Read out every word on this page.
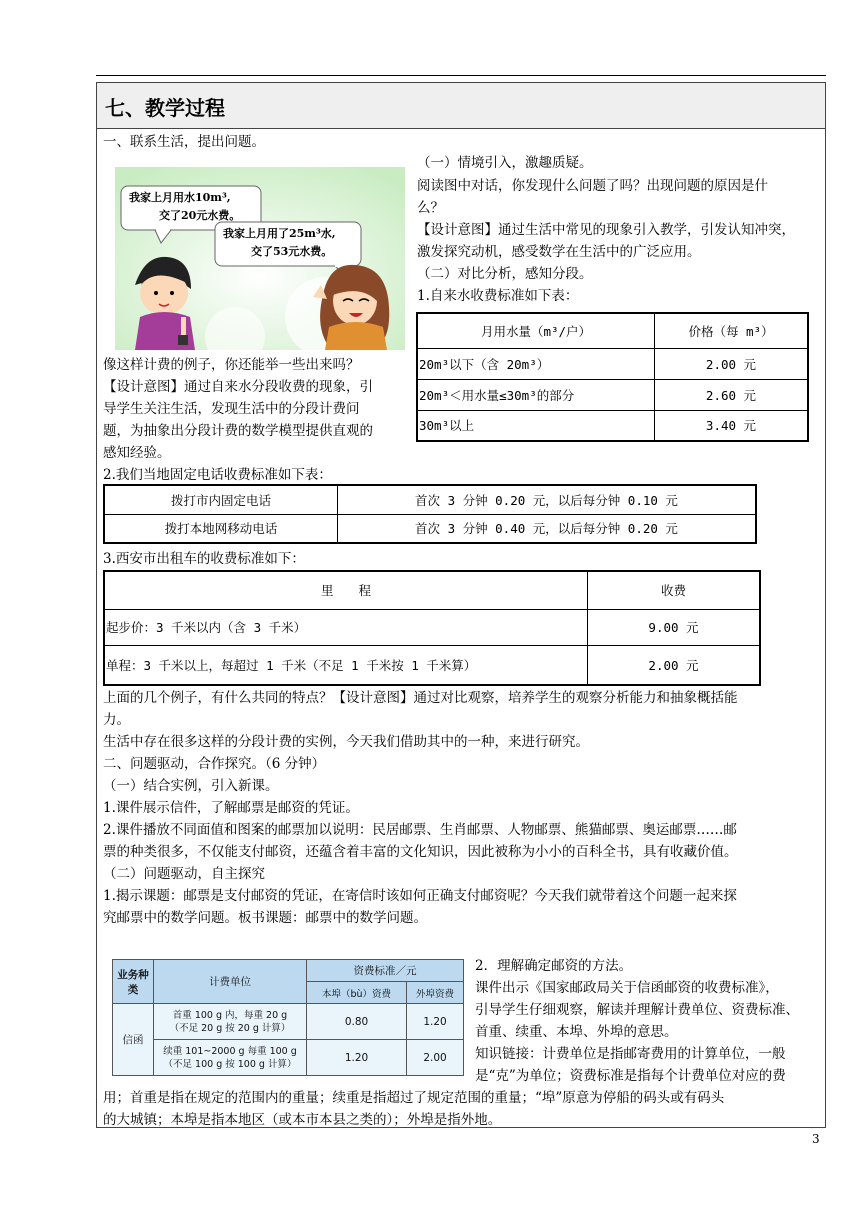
七、教学过程
一、联系生活，提出问题。
我家上月用水10m³,
交了20元水费。
我家上月用了25m³水,
交了53元水费。
（一）情境引入，激趣质疑。
阅读图中对话，你发现什么问题了吗？出现问题的原因是什
么？
【设计意图】通过生活中常见的现象引入教学，引发认知冲突，
激发探究动机，感受数学在生活中的广泛应用。
（二）对比分析，感知分段。
1.自来水收费标准如下表：
月用水量（m³/户）	价格（每 m³）
20m³以下（含 20m³）	2.00 元
20m³＜用水量≤30m³的部分	2.60 元
30m³以上	3.40 元
像这样计费的例子，你还能举一些出来吗？
【设计意图】通过自来水分段收费的现象，引
导学生关注生活，发现生活中的分段计费问
题，为抽象出分段计费的数学模型提供直观的
感知经验。
2.我们当地固定电话收费标准如下表：
拨打市内固定电话	首次 3 分钟 0.20 元，以后每分钟 0.10 元
拨打本地网移动电话	首次 3 分钟 0.40 元，以后每分钟 0.20 元
3.西安市出租车的收费标准如下：
里　　程	收费
起步价：3 千米以内（含 3 千米）	9.00 元
单程：3 千米以上，每超过 1 千米（不足 1 千米按 1 千米算）	2.00 元
上面的几个例子，有什么共同的特点？【设计意图】通过对比观察，培养学生的观察分析能力和抽象概括能
力。
生活中存在很多这样的分段计费的实例，今天我们借助其中的一种，来进行研究。
二、问题驱动，合作探究。（6 分钟）
（一）结合实例，引入新课。
1.课件展示信件，了解邮票是邮资的凭证。
2.课件播放不同面值和图案的邮票加以说明：民居邮票、生肖邮票、人物邮票、熊猫邮票、奥运邮票……邮
票的种类很多，不仅能支付邮资，还蕴含着丰富的文化知识，因此被称为小小的百科全书，具有收藏价值。
（二）问题驱动，自主探究
1.揭示课题：邮票是支付邮资的凭证，在寄信时该如何正确支付邮资呢？今天我们就带着这个问题一起来探
究邮票中的数学问题。板书课题：邮票中的数学问题。
业务种类	计费单位	资费标准／元	
		本埠（bù）资费	外埠资费
信函	首重 100 g 内，每重 20 g
（不足 20 g 按 20 g 计算）	0.80	1.20

	续重 101~2000 g 每重 100 g
（不足 100 g 按 100 g 计算）	1.20	2.00
2．理解确定邮资的方法。
课件出示《国家邮政局关于信函邮资的收费标准》，
引导学生仔细观察，解读并理解计费单位、资费标准、
首重、续重、本埠、外埠的意思。
知识链接：计费单位是指邮寄费用的计算单位，一般
是“克”为单位；资费标准是指每个计费单位对应的费
用；首重是指在规定的范围内的重量；续重是指超过了规定范围的重量；“埠”原意为停船的码头或有码头
的大城镇；本埠是指本地区（或本市本县之类的）；外埠是指外地。
3
